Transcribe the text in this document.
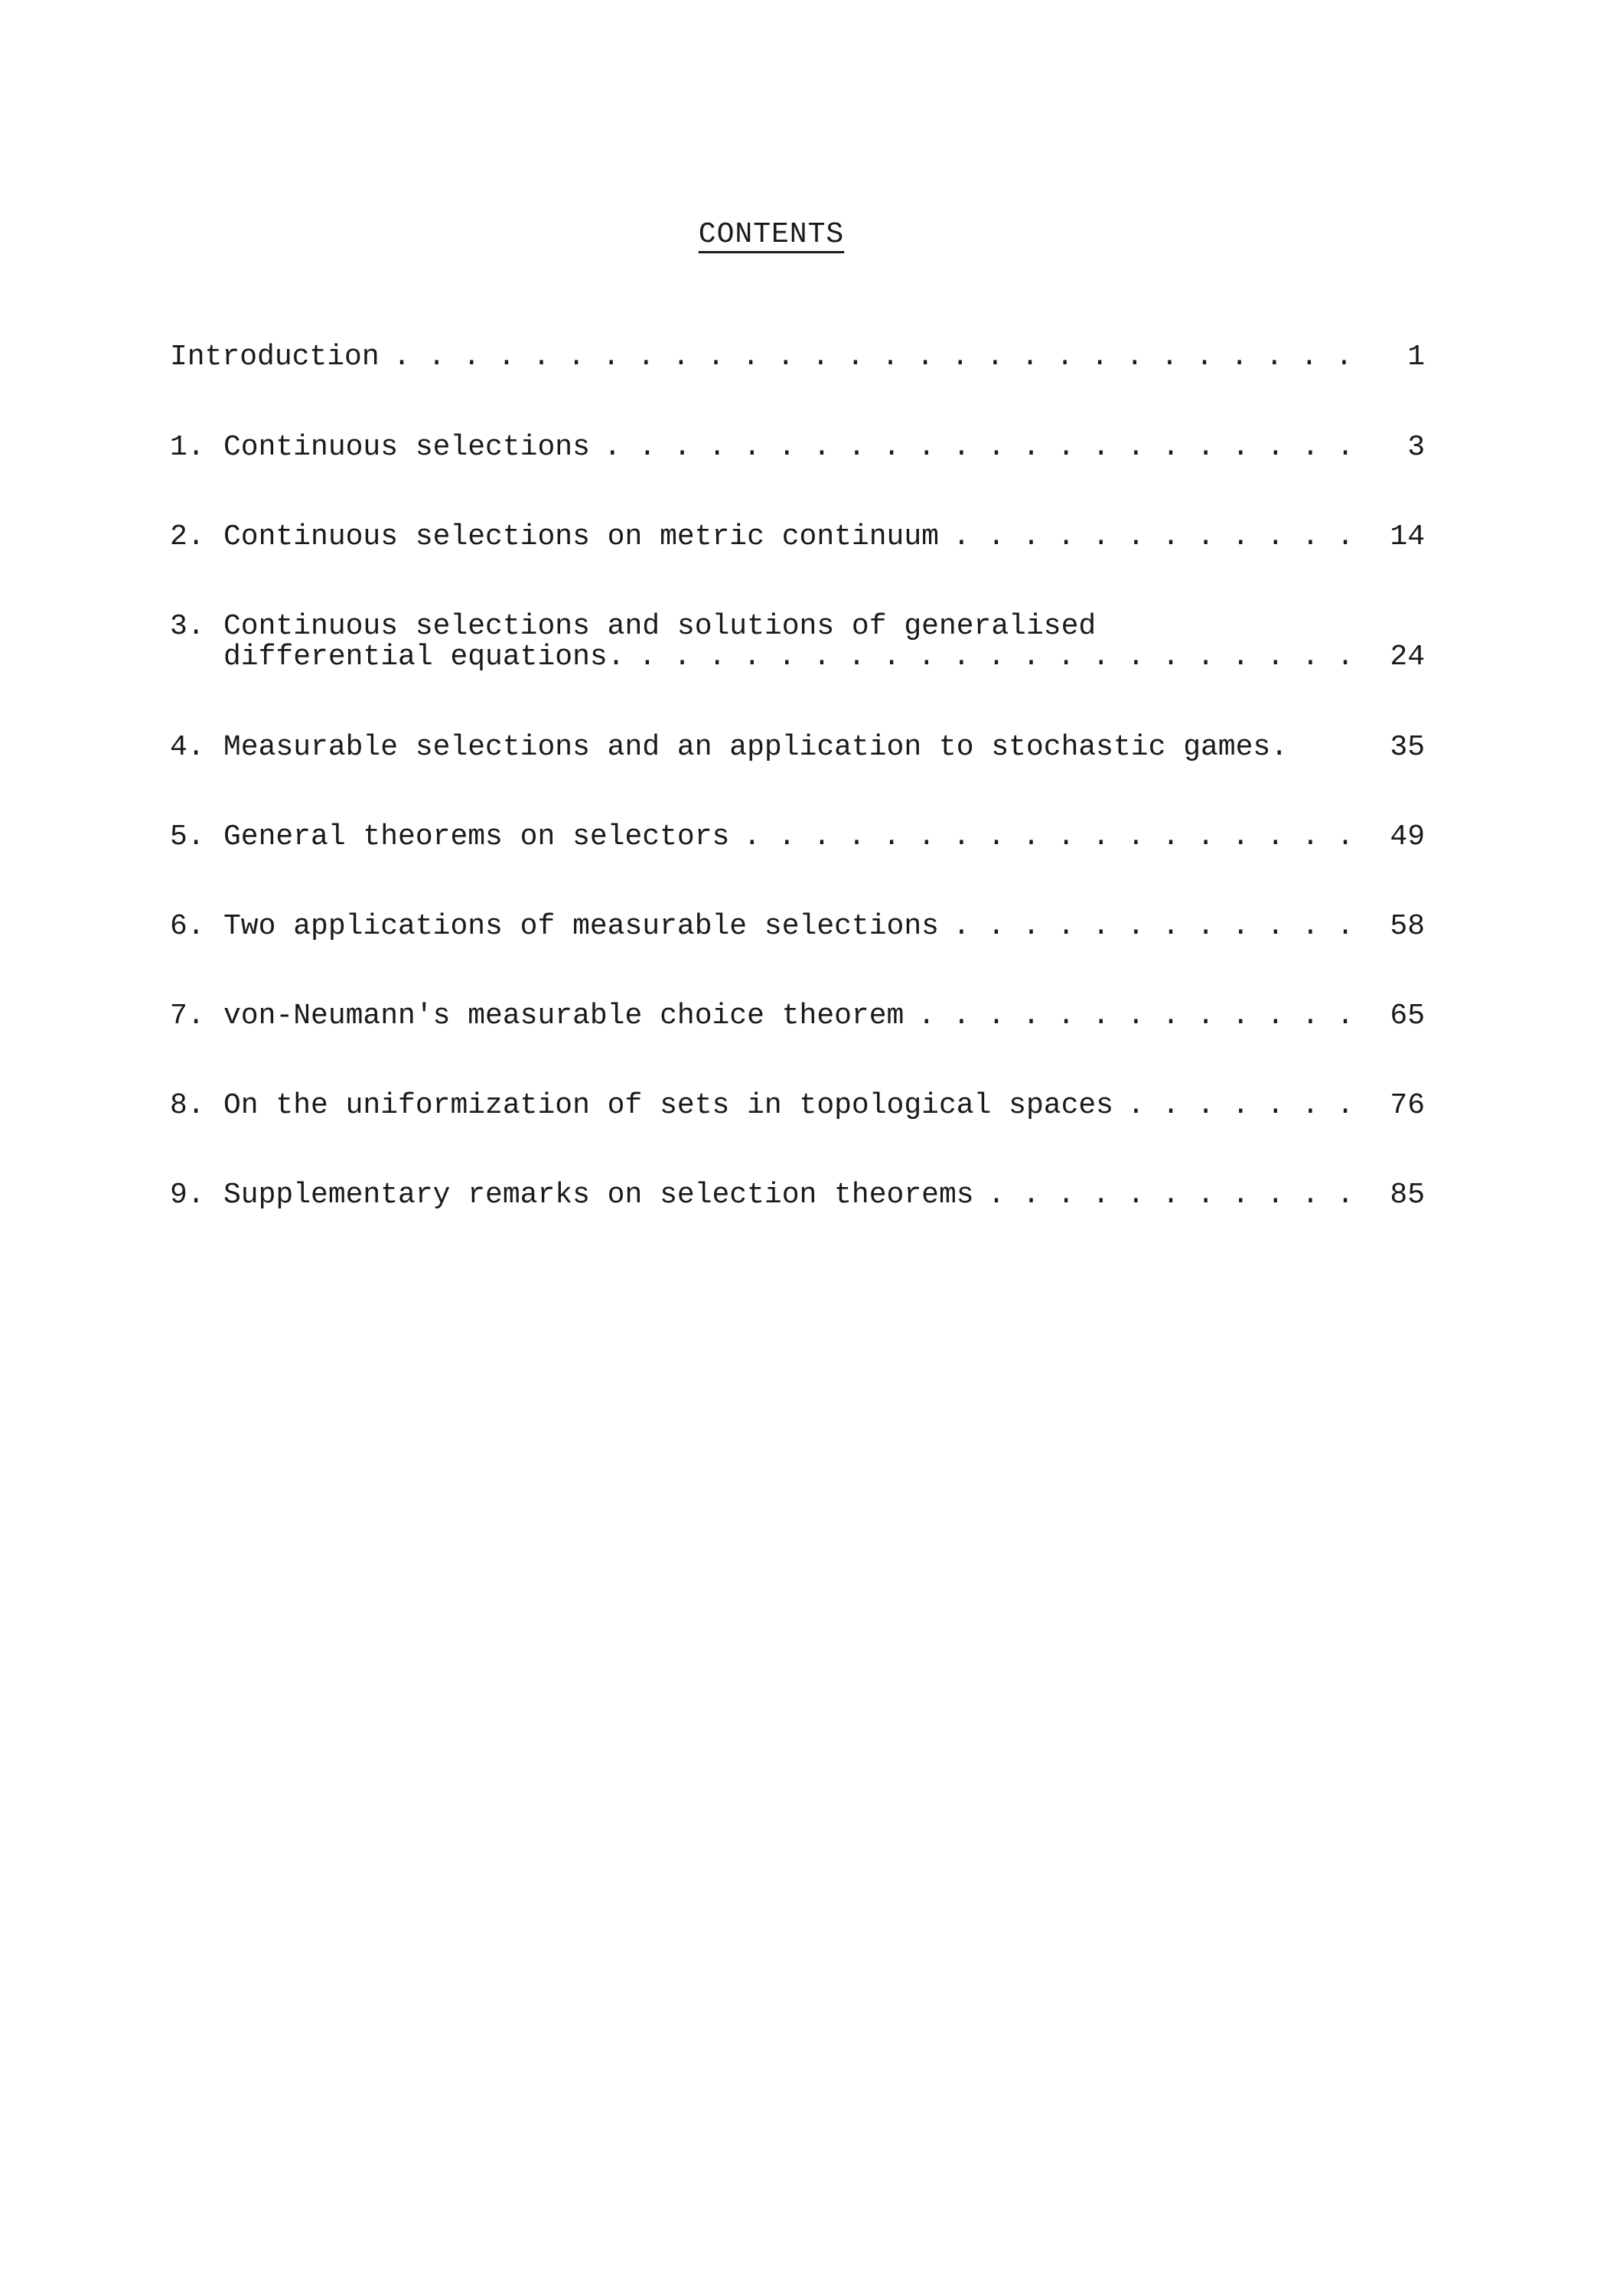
CONTENTS
Introduction . . .	1
1. Continuous selections . . .	3
2. Continuous selections on metric continuum . . .	14
3. Continuous selections and solutions of generalised
differential equations. . . .	24
4. Measurable selections and an application to stochastic games.	35
5. General theorems on selectors . . .	49
6. Two applications of measurable selections . . .	58
7. von-Neumann's measurable choice theorem . . .	65
8. On the uniformization of sets in topological spaces . . .	76
9. Supplementary remarks on selection theorems . . .	85
